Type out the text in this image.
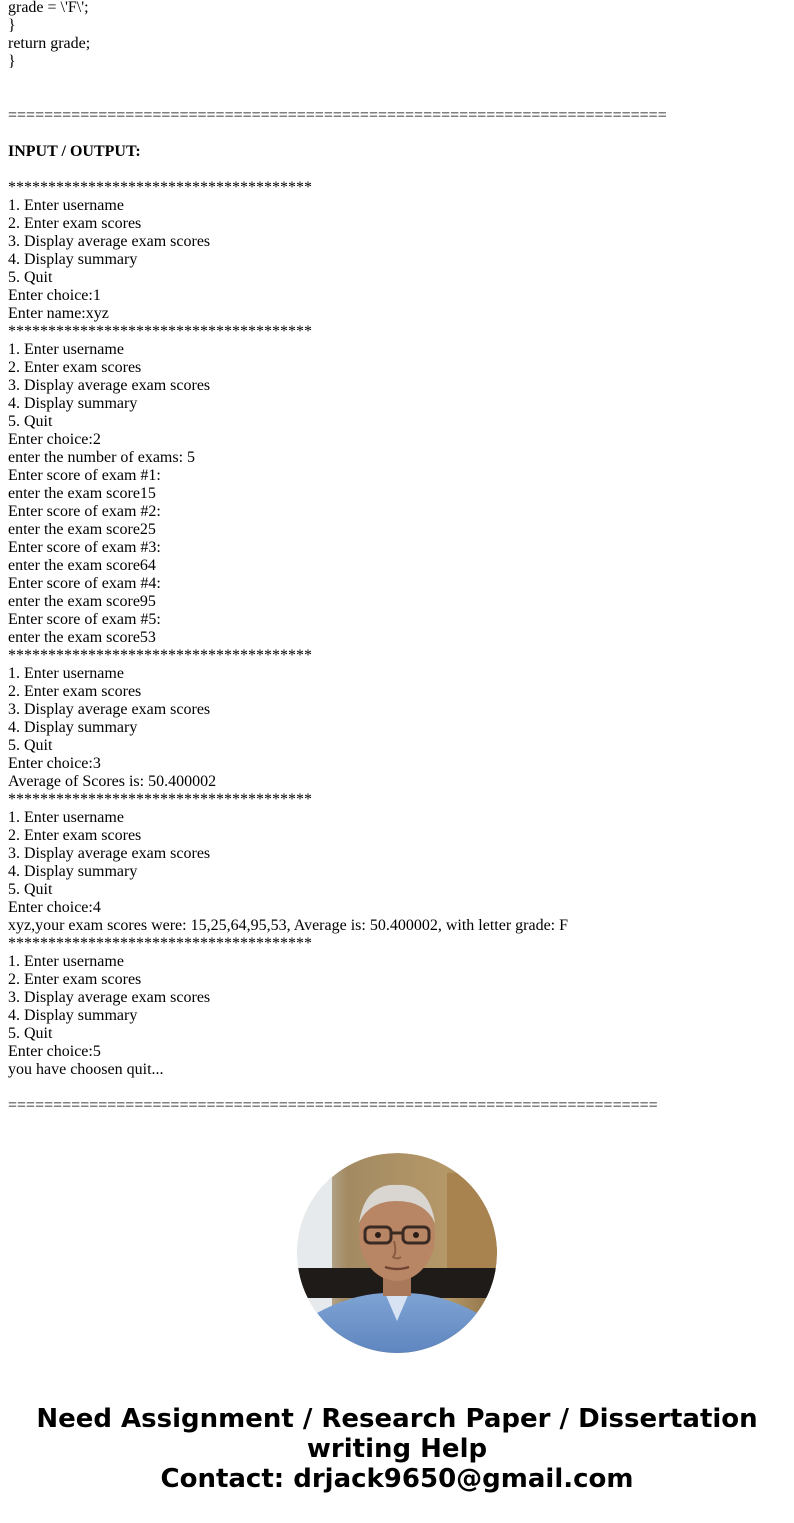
grade = \'F\';
}
return grade;
}
=========================================================================
INPUT / OUTPUT:
**************************************
1. Enter username
2. Enter exam scores
3. Display average exam scores
4. Display summary
5. Quit
Enter choice:1
Enter name:xyz
**************************************
1. Enter username
2. Enter exam scores
3. Display average exam scores
4. Display summary
5. Quit
Enter choice:2
enter the number of exams: 5
Enter score of exam #1:
enter the exam score15
Enter score of exam #2:
enter the exam score25
Enter score of exam #3:
enter the exam score64
Enter score of exam #4:
enter the exam score95
Enter score of exam #5:
enter the exam score53
**************************************
1. Enter username
2. Enter exam scores
3. Display average exam scores
4. Display summary
5. Quit
Enter choice:3
Average of Scores is: 50.400002
**************************************
1. Enter username
2. Enter exam scores
3. Display average exam scores
4. Display summary
5. Quit
Enter choice:4
xyz,your exam scores were: 15,25,64,95,53, Average is: 50.400002, with letter grade: F
**************************************
1. Enter username
2. Enter exam scores
3. Display average exam scores
4. Display summary
5. Quit
Enter choice:5
you have choosen quit...
========================================================================
Need Assignment / Research Paper / Dissertation
writing Help
Contact: drjack9650@gmail.com
